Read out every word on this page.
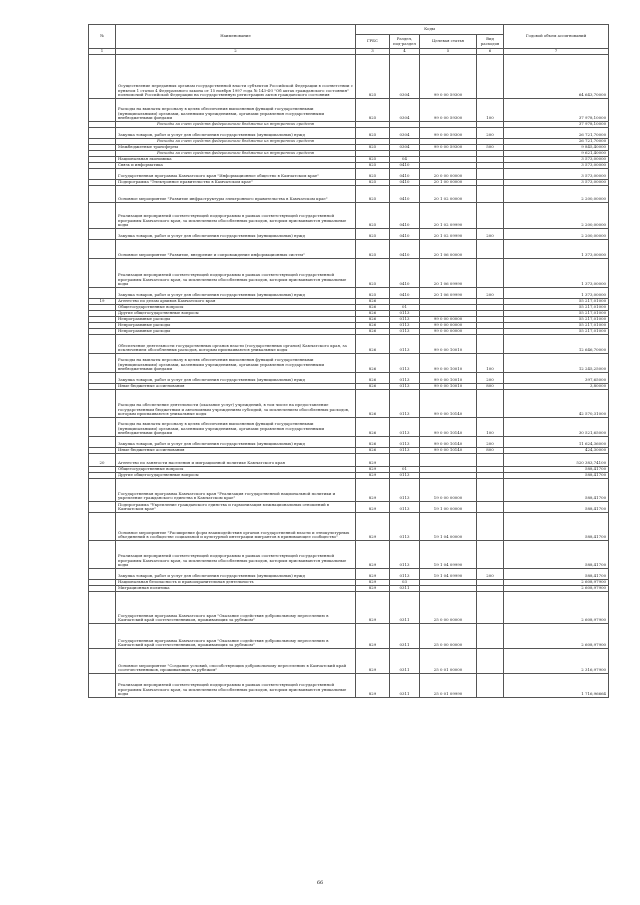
№	Наименование	Коды				Годовой объем ассигнований
		ГРБС	Раздел, под-раздел	Целевая статья	Вид расходов	
1	2	3	4	5	6	7
	Осуществление переданных органам государственной власти субъектов Российской Федерации в соответствии с пунктом 1 статьи 4 Федерального закона от 15 ноября 1997 года № 143-ФЗ "Об актах гражданского состояния" полномочий Российской Федерации на государственную регистрацию актов гражданского состояния	825	0304	99 0 00 59300		64 643,70000
	Расходы на выплаты персоналу в целях обеспечения выполнения функций государственными (муниципальными) органами, казенными учреждениями, органами управления государственными внебюджетными фондами	825	0304	99 0 00 59300	100	37 978,10000
	Расходы за счет средств федерального бюджета из внутренних средств					37 978,10000
	Закупка товаров, работ и услуг для обеспечения государственных (муниципальных) нужд	825	0304	99 0 00 59300	200	26 721,70000
	Расходы за счет средств федерального бюджета из внутренних средств					26 721,70000
	Межбюджетные трансферты	825	0304	99 0 00 59300	500	9 845,40000
	Расходы за счет средств федерального бюджета из внутренних средств					9 621,40000
	Национальная экономика	825	04			3 573,00000
	Связь и информатика	825	0410			3 573,00000
	Государственная программа Камчатского края "Информационное общество в Камчатском крае"	825	0410	20 0 00 00000		3 573,00000
	Подпрограмма "Электронное правительство в Камчатском крае"	825	0410	20 1 00 00000		3 573,00000
	Основное мероприятие "Развитие инфраструктуры электронного правительства в Камчатском крае"	825	0410	20 1 02 00000		2 200,00000
	Реализация мероприятий соответствующей подпрограммы в рамках соответствующей государственной программы Камчатского края, за исключением обособленных расходов, которым присваиваются уникальные коды	825	0410	20 1 02 09990		2 200,00000
	Закупка товаров, работ и услуг для обеспечения государственных (муниципальных) нужд	825	0410	20 1 02 09990	200	2 200,00000
	Основное мероприятие "Развитие, внедрение и сопровождение информационных систем"	825	0410	20 1 06 00000		1 373,00000
	Реализация мероприятий соответствующей подпрограммы в рамках соответствующей государственной программы Камчатского края, за исключением обособленных расходов, которым присваиваются уникальные коды	825	0410	20 1 06 09990		1 373,00000
	Закупка товаров, работ и услуг для обеспечения государственных (муниципальных) нужд	825	0410	20 1 06 09990	200	1 373,00000
19	Агентство по делам архивов Камчатского края	826				55 217,01000
	Общегосударственные вопросы	826	01			55 217,01000
	Другие общегосударственные вопросы	826	0113			55 217,01000
	Непрограммные расходы	826	0113	99 0 00 00000		55 217,01000
	Непрограммные расходы	826	0113	99 0 00 00000		55 217,01000
	Непрограммные расходы	826	0113	99 0 00 00000		55 217,01000
	Обеспечение деятельности государственных органов власти (государственных органов) Камчатского края, за исключением обособленных расходов, которым присваиваются уникальные коды	826	0113	99 0 00 10010		12 646,70000
	Расходы на выплаты персоналу в целях обеспечения выполнения функций государственными (муниципальными) органами, казенными учреждениями, органами управления государственными внебюджетными фондами	826	0113	99 0 00 10010	100	12 245,25000
	Закупка товаров, работ и услуг для обеспечения государственных (муниципальных) нужд	826	0113	99 0 00 10010	200	397,65000
	Иные бюджетные ассигнования	826	0113	99 0 00 10010	800	3,80000
	Расходы на обеспечение деятельности (оказание услуг) учреждений, в том числе на предоставление государственным бюджетным и автономным учреждениям субсидий, за исключением обособленных расходов, которым присваиваются уникальные коды	826	0113	99 0 00 10140		42 570,31000
	Расходы на выплаты персоналу в целях обеспечения выполнения функций государственными (муниципальными) органами, казенными учреждениями, органами управления государственными внебюджетными фондами	826	0113	99 0 00 10140	100	30 521,65000
	Закупка товаров, работ и услуг для обеспечения государственных (муниципальных) нужд	826	0113	99 0 00 10140	200	11 624,36000
	Иные бюджетные ассигнования	826	0113	99 0 00 10140	800	424,30000
20	Агентство по занятости населения и миграционной политике Камчатского края	829				520 383,74100
	Общегосударственные вопросы	829	01			588,41700
	Другие общегосударственные вопросы	829	0113			588,41700
	Государственная программа Камчатского края "Реализация государственной национальной политики и укрепление гражданского единства в Камчатском крае"	829	0113	19 0 00 00000		588,41700
	Подпрограмма "Укрепление гражданского единства и гармонизация межнациональных отношений в Камчатском крае"	829	0113	19 1 00 00000		588,41700
	Основное мероприятие "Расширение форм взаимодействия органов государственной власти и этнокультурных объединений в сообществе социальной и культурной интеграции мигрантов в принимающее сообщество"	829	0113	19 1 04 00000		588,41700
	Реализация мероприятий соответствующей подпрограммы в рамках соответствующей государственной программы Камчатского края, за исключением обособленных расходов, которым присваиваются уникальные коды	829	0113	19 1 04 09990		588,41700
	Закупка товаров, работ и услуг для обеспечения государственных (муниципальных) нужд	829	0113	19 1 04 09990	200	588,41700
	Национальная безопасность и правоохранительная деятельность	829	03			2 608,97900
	Миграционная политика	829	0311			2 608,97900
	Государственная программа Камчатского края "Оказание содействия добровольному переселению в Камчатский край соотечественников, проживающих за рубежом"	829	0311	25 0 00 00000		2 608,97900
	Государственная программа Камчатского края "Оказание содействия добровольному переселению в Камчатский край соотечественников, проживающих за рубежом"	829	0311	25 0 00 00000		2 608,97900
	Основное мероприятие "Создание условий, способствующих добровольному переселению в Камчатский край соотечественников, проживающих за рубежом"	829	0311	25 0 01 00000		2 316,97900
	Реализация мероприятий соответствующей подпрограммы в рамках соответствующей государственной программы Камчатского края, за исключением обособленных расходов, которым присваиваются уникальные коды	829	0311	25 0 01 09990		1 716,96664
66
